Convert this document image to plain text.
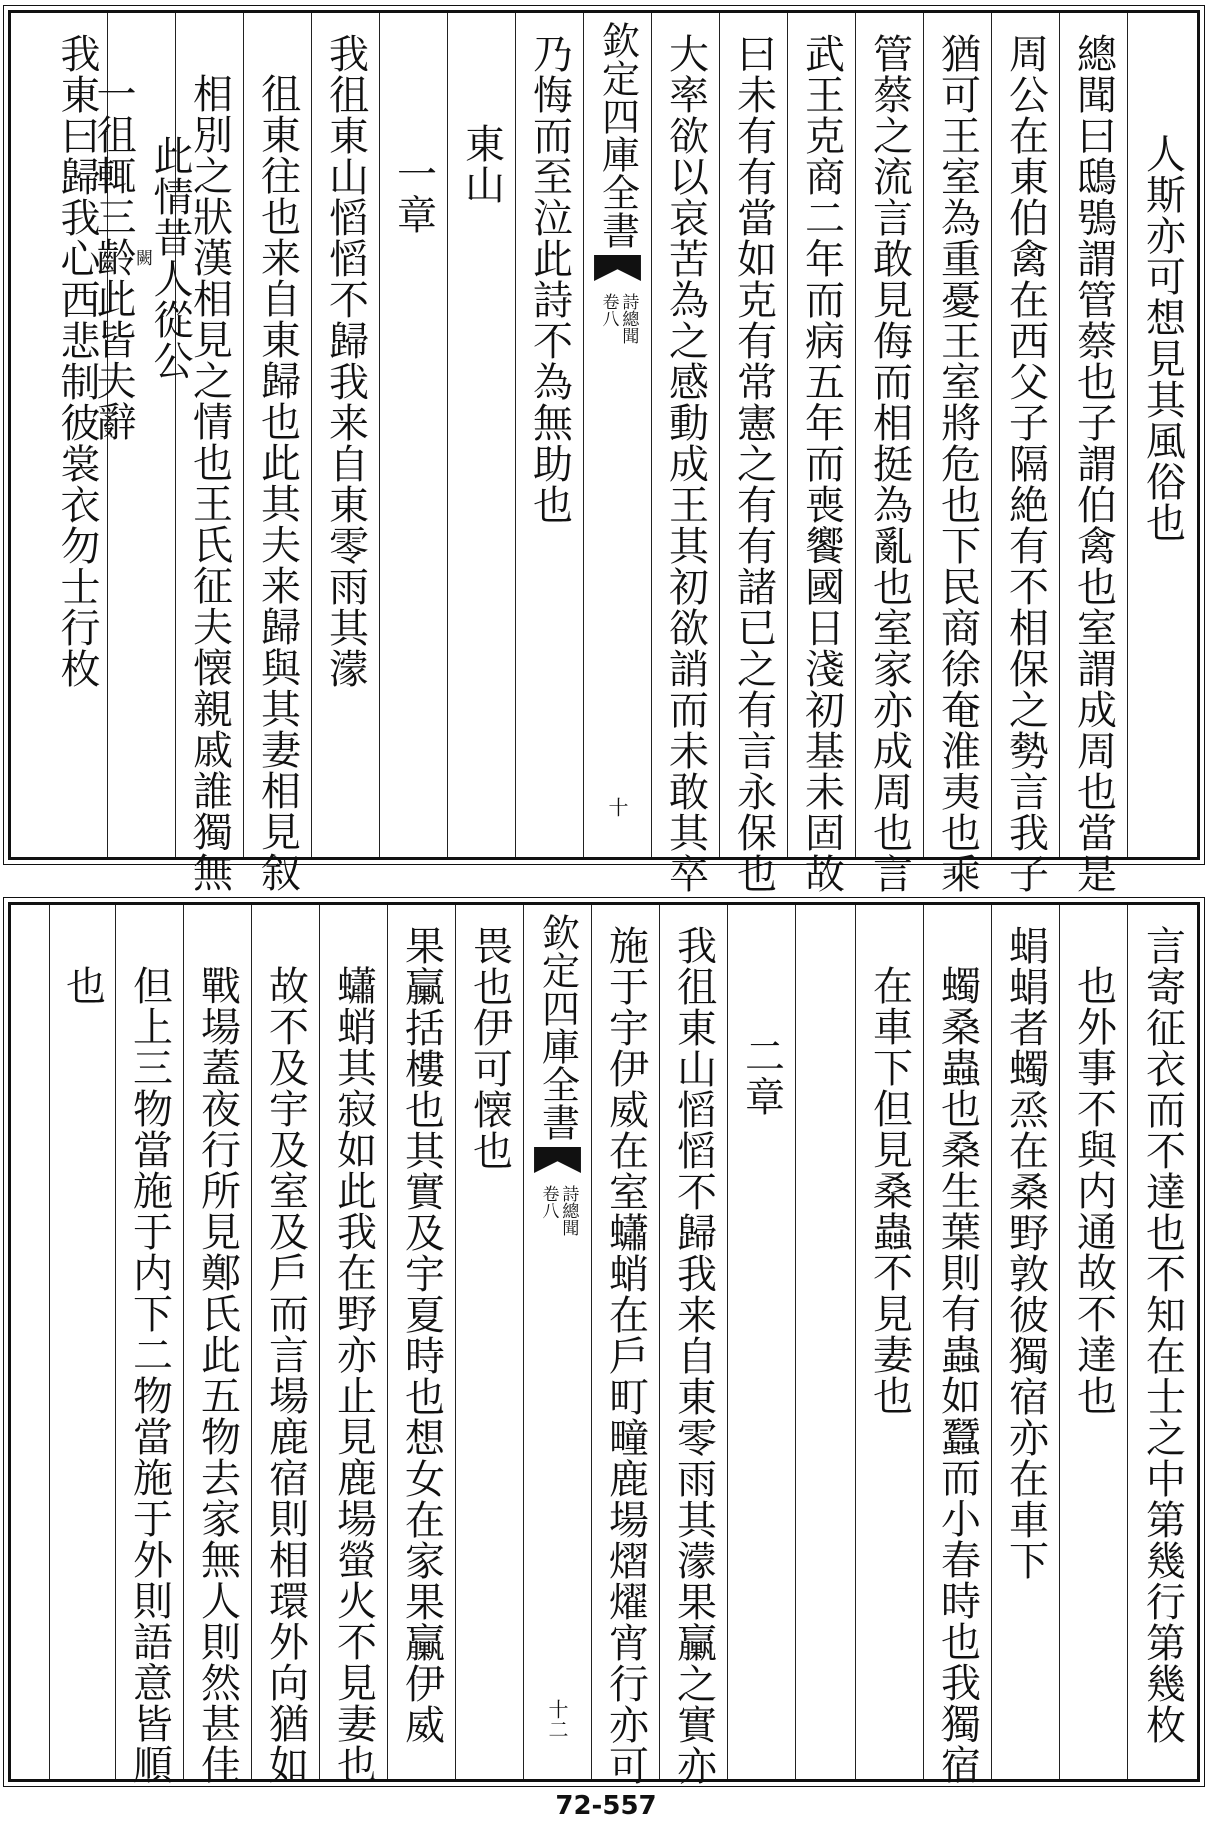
人斯亦可想見其風俗也
總聞曰鴟鴞謂管蔡也子謂伯禽也室謂成周也當是
周公在東伯禽在西父子隔絶有不相保之勢言我子
猶可王室為重憂王室將危也下民商徐奄淮夷也乘
管蔡之流言敢見侮而相挺為亂也室家亦成周也言
武王克商二年而病五年而喪饗國日淺初基未固故
曰未有有當如克有常憲之有有諸已之有言永保也
大率欲以哀苦為之感動成王其初欲誚而未敢其卒
欽定四庫全書
詩總聞
卷八
十
乃悔而至泣此詩不為無助也
東山
一章
我徂東山慆慆不歸我来自東零雨其濛
徂東往也来自東歸也此其夫来歸與其妻相見叙
相別之狀漢相見之情也王氏征夫懐親戚誰獨無
此情昔人從公
闕
一徂輒三齡此皆夫辭
我東曰歸我心西悲制彼裳衣勿士行枚
言寄征衣而不達也不知在士之中第幾行第幾枚
也外事不與内通故不達也
蜎蜎者蠋烝在桑野敦彼獨宿亦在車下
蠋桑蟲也桑生葉則有蟲如蠶而小春時也我獨宿
在車下但見桑蟲不見妻也
二章
我徂東山慆慆不歸我来自東零雨其濛果臝之實亦
施于宇伊威在室蠨蛸在戶町疃鹿場熠燿宵行亦可
欽定四庫全書
詩總聞
卷八
十二
畏也伊可懐也
果臝括樓也其實及宇夏時也想女在家果臝伊威
蠨蛸其寂如此我在野亦止見鹿場螢火不見妻也
故不及宇及室及戶而言場鹿宿則相環外向猶如
戰場蓋夜行所見鄭氏此五物去家無人則然甚佳
但上三物當施于内下二物當施于外則語意皆順
也
72-557
